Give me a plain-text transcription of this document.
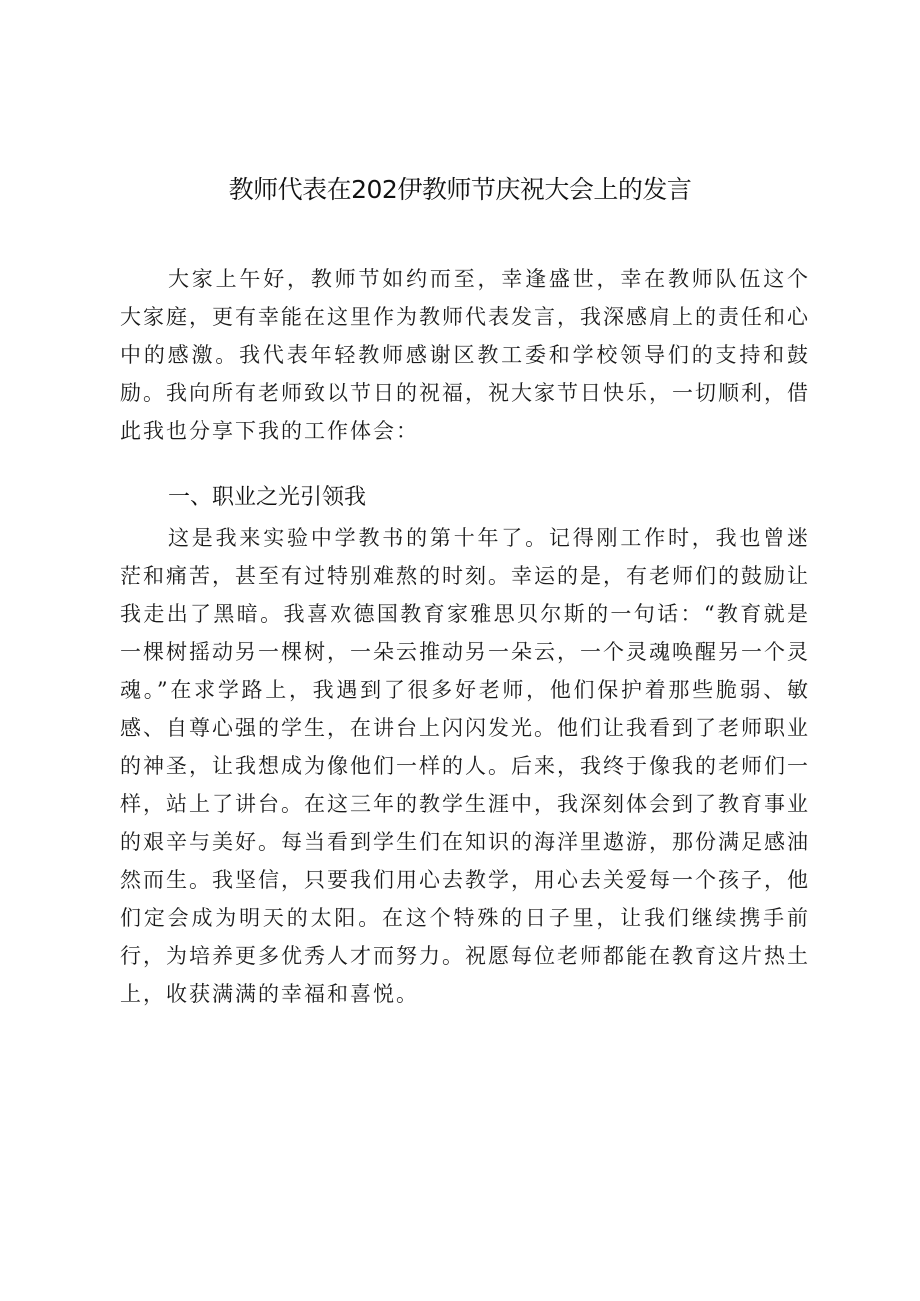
教师代表在202伊教师节庆祝大会上的发言
大家上午好，教师节如约而至，幸逢盛世，幸在教师队伍这个大家庭，更有幸能在这里作为教师代表发言，我深感肩上的责任和心中的感激。我代表年轻教师感谢区教工委和学校领导们的支持和鼓励。我向所有老师致以节日的祝福，祝大家节日快乐，一切顺利，借此我也分享下我的工作体会：
一、职业之光引领我
这是我来实验中学教书的第十年了。记得刚工作时，我也曾迷茫和痛苦，甚至有过特别难熬的时刻。幸运的是，有老师们的鼓励让我走出了黑暗。我喜欢德国教育家雅思贝尔斯的一句话：“教育就是一棵树摇动另一棵树，一朵云推动另一朵云，一个灵魂唤醒另一个灵魂。”在求学路上，我遇到了很多好老师，他们保护着那些脆弱、敏感、自尊心强的学生，在讲台上闪闪发光。他们让我看到了老师职业的神圣，让我想成为像他们一样的人。后来，我终于像我的老师们一样，站上了讲台。在这三年的教学生涯中，我深刻体会到了教育事业的艰辛与美好。每当看到学生们在知识的海洋里遨游，那份满足感油然而生。我坚信，只要我们用心去教学，用心去关爱每一个孩子，他们定会成为明天的太阳。在这个特殊的日子里，让我们继续携手前行，为培养更多优秀人才而努力。祝愿每位老师都能在教育这片热土上，收获满满的幸福和喜悦。
